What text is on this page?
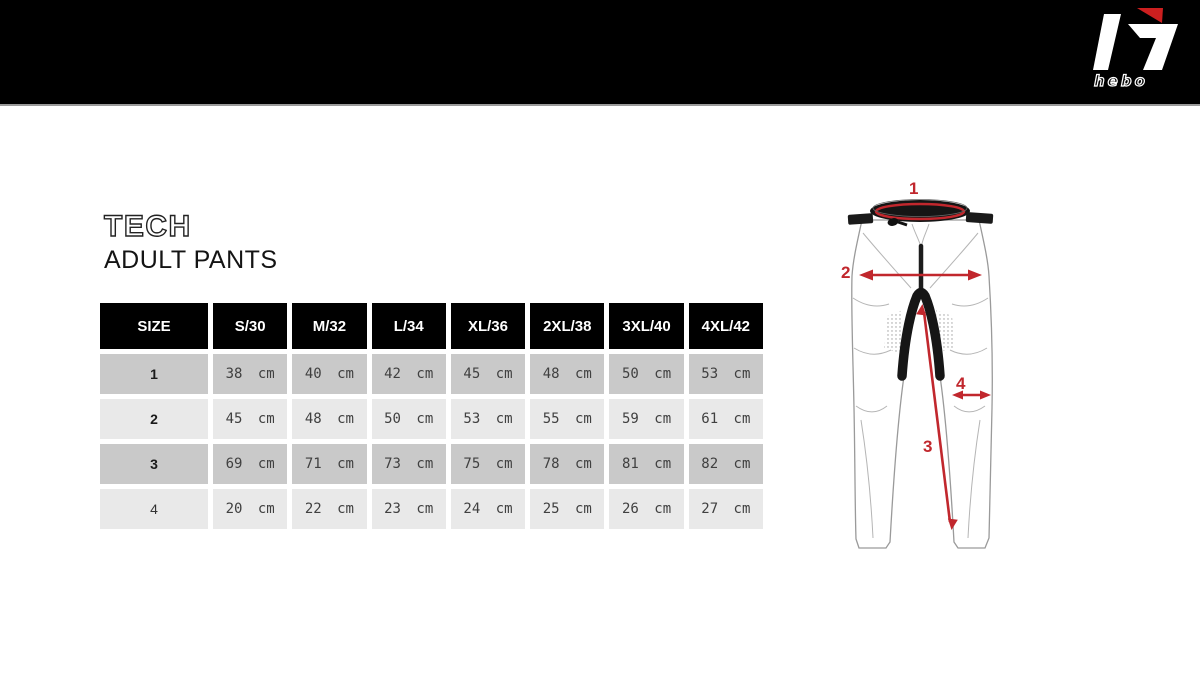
hebo
TECH
ADULT PANTS
SIZE	S/30	M/32	L/34	XL/36	2XL/38	3XL/40	4XL/42
1	38 cm	40 cm	42 cm	45 cm	48 cm	50 cm	53 cm
2	45 cm	48 cm	50 cm	53 cm	55 cm	59 cm	61 cm
3	69 cm	71 cm	73 cm	75 cm	78 cm	81 cm	82 cm
4	20 cm	22 cm	23 cm	24 cm	25 cm	26 cm	27 cm
1
2
3
4
